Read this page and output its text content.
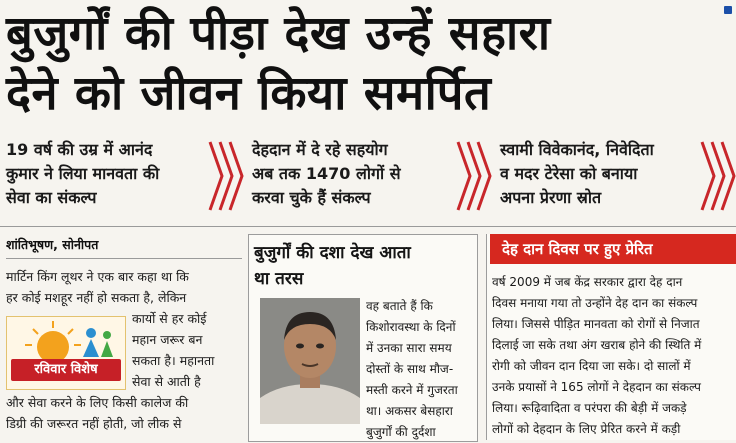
बुजुर्गों की पीड़ा देख उन्हें सहारा
देने को जीवन किया समर्पित
19 वर्ष की उम्र में आनंद
कुमार ने लिया मानवता की
सेवा का संकल्प
देहदान में दे रहे सहयोग
अब तक 1470 लोगों से
करवा चुके हैं संकल्प
स्वामी विवेकानंद, निवेदिता
व मदर टेरेसा को बनाया
अपना प्रेरणा स्रोत
शांतिभूषण, सोनीपत
मार्टिन किंग लूथर ने एक बार कहा था कि
हर कोई मशहूर नहीं हो सकता है, लेकिन
रविवार विशेष
कार्यो से हर कोई
महान जरूर बन
सकता है। महानता
सेवा से आती है
और सेवा करने के लिए किसी कालेज की
डिग्री की जरूरत नहीं होती, जो लीक से
बुजुर्गों की दशा देख आता
था तरस
वह बताते हैं कि
किशोरावस्था के दिनों
में उनका सारा समय
दोस्तों के साथ मौज-
मस्ती करने में गुजरता
था। अकसर बेसहारा
बुजुर्गों की दुर्दशा
देह दान दिवस पर हुए प्रेरित
वर्ष 2009 में जब केंद्र सरकार द्वारा देह दान
दिवस मनाया गया तो उन्होंने देह दान का संकल्प
लिया। जिससे पीड़ित मानवता को रोगों से निजात
दिलाई जा सके तथा अंग खराब होने की स्थिति में
रोगी को जीवन दान दिया जा सके। दो सालों में
उनके प्रयासों ने 165 लोगों ने देहदान का संकल्प
लिया। रूढ़िवादिता व परंपरा की बेड़ी में जकड़े
लोगों को देहदान के लिए प्रेरित करने में कड़ी
